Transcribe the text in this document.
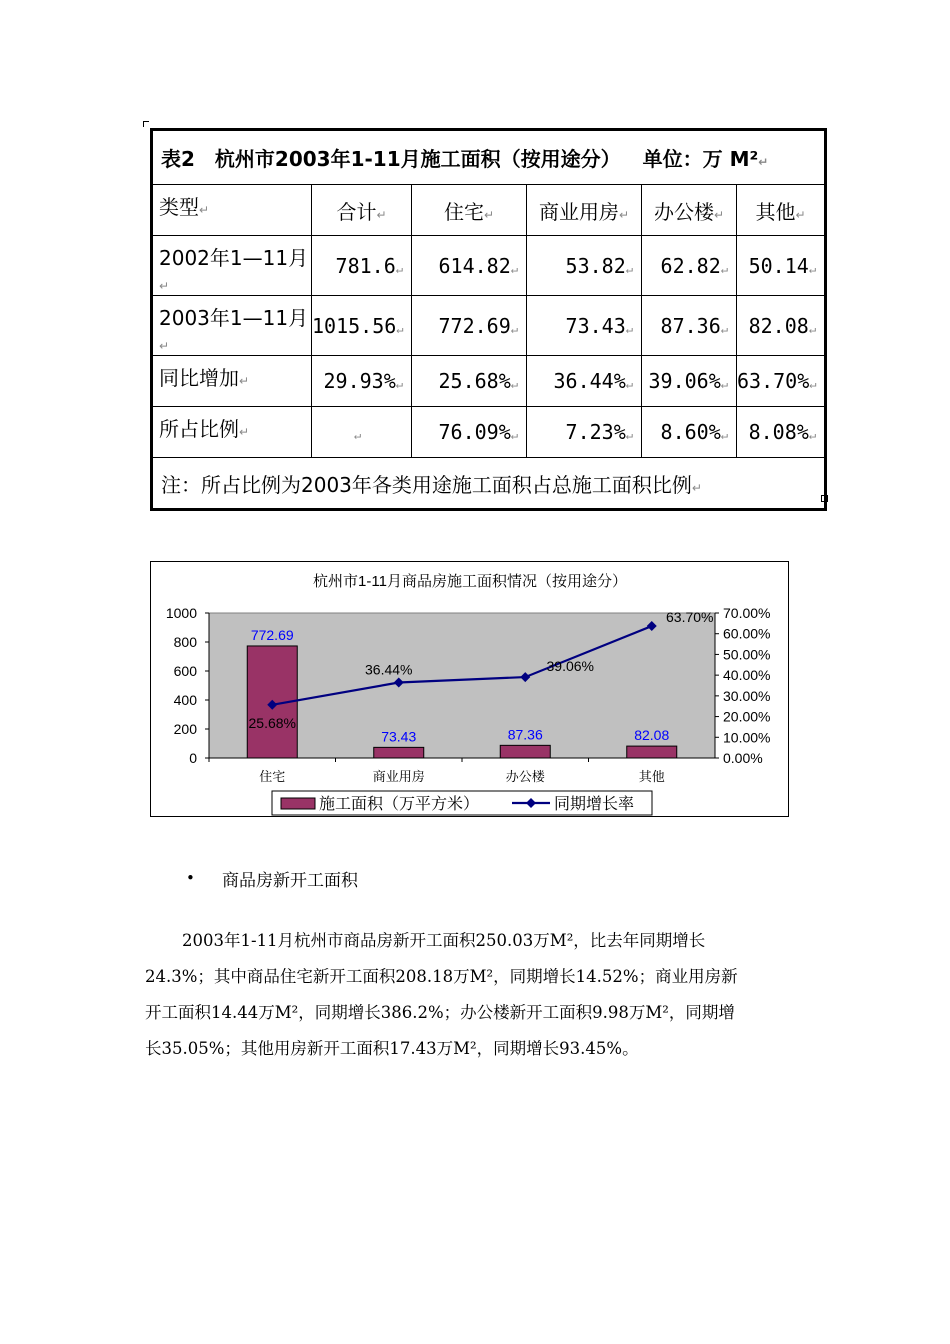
表2　杭州市2003年1-11月施工面积（按用途分） 单位：万 M²↵					
类型↵	合计↵	住宅↵	商业用房↵	办公楼↵	其他↵
2002年1—11月↵	781.6↵	614.82↵	53.82↵	62.82↵	50.14↵
2003年1—11月↵	1015.56↵	772.69↵	73.43↵	87.36↵	82.08↵
同比增加↵	29.93%↵	25.68%↵	36.44%↵	39.06%↵	63.70%↵
所占比例↵	↵	76.09%↵	7.23%↵	8.60%↵	8.08%↵
注：所占比例为2003年各类用途施工面积占总施工面积比例↵					
杭州市1-11月商品房施工面积情况（按用途分）
0
200
400
600
800
1000
0.00%
10.00%
20.00%
30.00%
40.00%
50.00%
60.00%
70.00%
住宅	商业用房	办公楼	其他
772.69
73.43	87.36	82.08
25.68%
36.44%	39.06%
63.70%
施工面积（万平方米）	同期增长率
• 商品房新开工面积

2003年1-11月杭州市商品房新开工面积250.03万M²，比去年同期增长

24.3%；其中商品住宅新开工面积208.18万M²，同期增长14.52%；商业用房新

开工面积14.44万M²，同期增长386.2%；办公楼新开工面积9.98万M²，同期增

长35.05%；其他用房新开工面积17.43万M²，同期增长93.45%。
